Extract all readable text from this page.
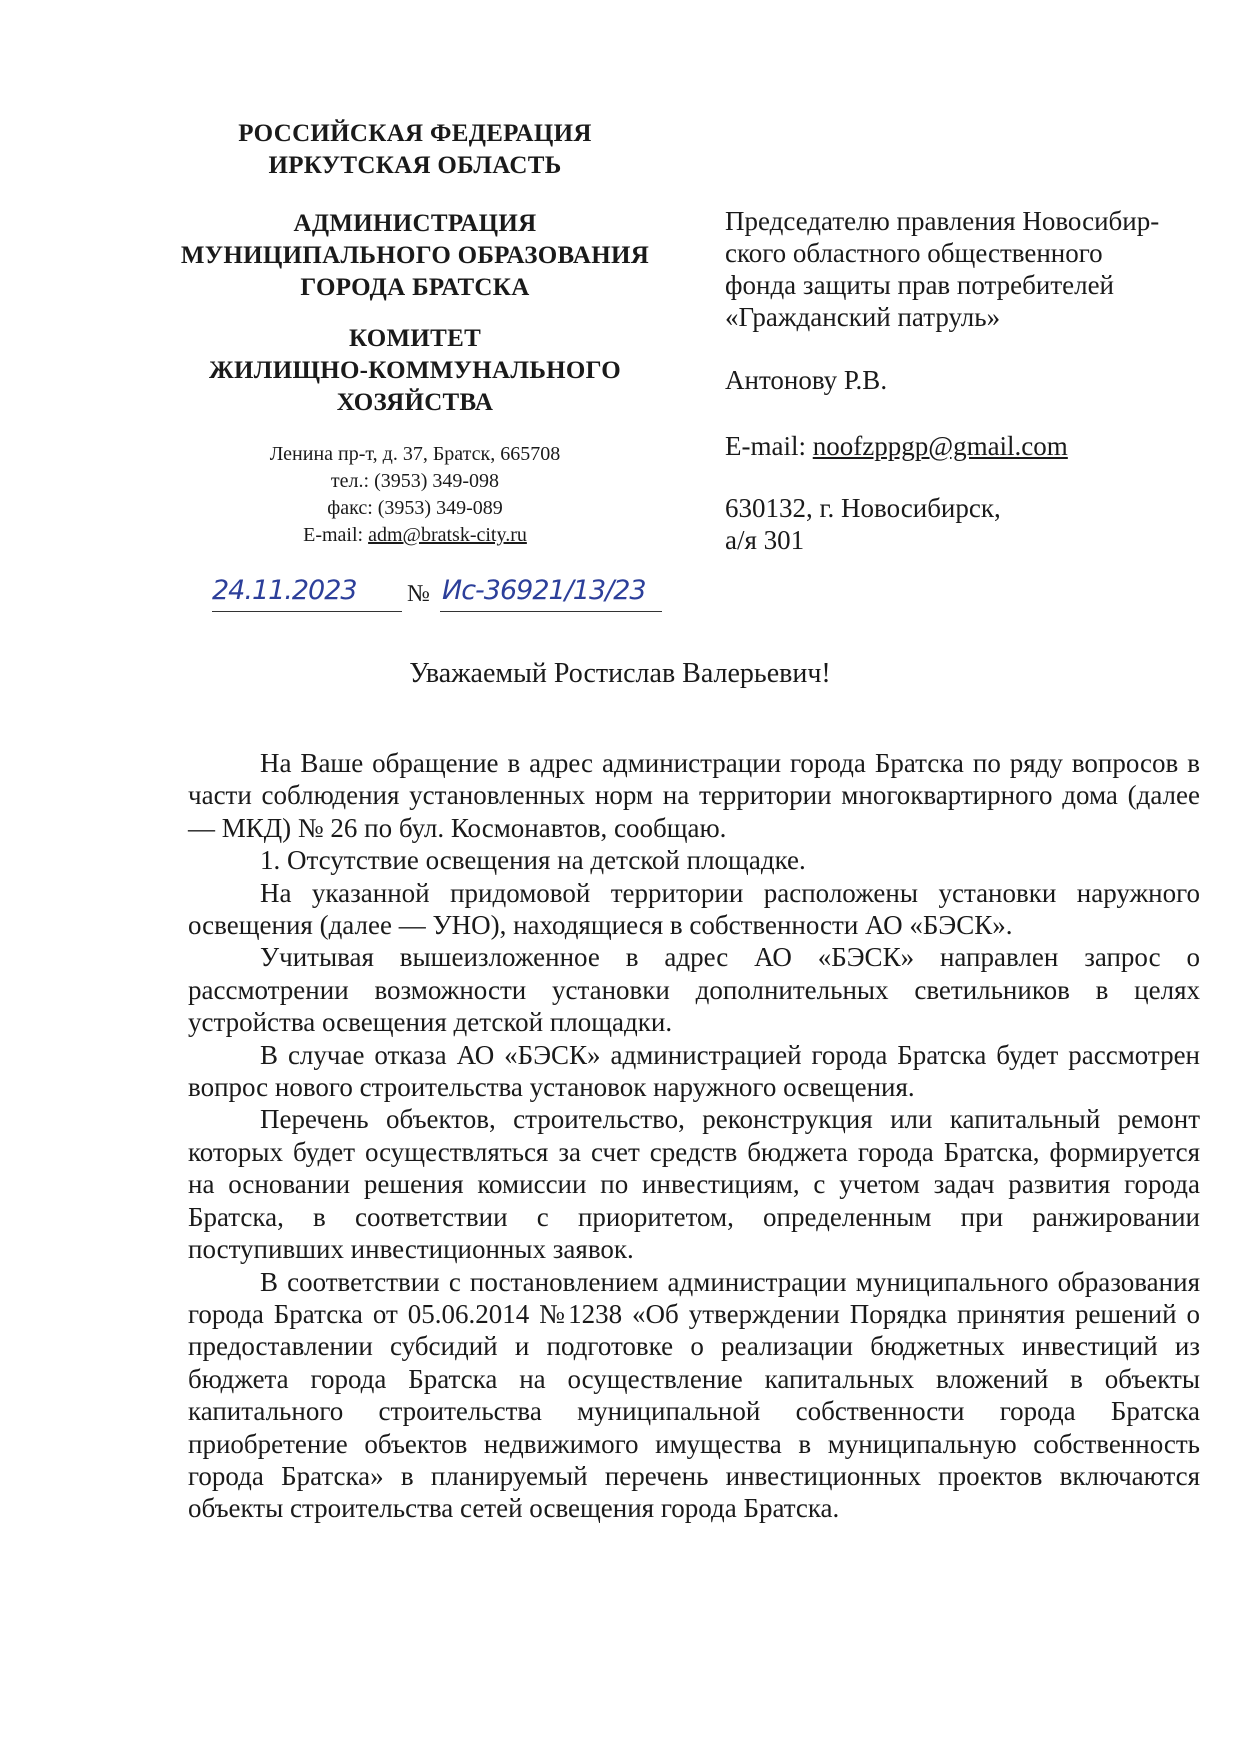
РОССИЙСКАЯ ФЕДЕРАЦИЯ
ИРКУТСКАЯ ОБЛАСТЬ
АДМИНИСТРАЦИЯ
МУНИЦИПАЛЬНОГО ОБРАЗОВАНИЯ
ГОРОДА БРАТСКА
КОМИТЕТ
ЖИЛИЩНО-КОММУНАЛЬНОГО
ХОЗЯЙСТВА
Ленина пр-т, д. 37, Братск, 665708
тел.: (3953) 349-098
факс: (3953) 349-089
E-mail: adm@bratsk-city.ru
24.11.2023 № Ис-36921/13/23
Председателю правления Новосибир-
ского областного общественного
фонда защиты прав потребителей
«Гражданский патруль»
Антонову Р.В.
E-mail: noofzppgp@gmail.com
630132, г. Новосибирск,
а/я 301
Уважаемый Ростислав Валерьевич!

На Ваше обращение в адрес администрации города Братска по ряду вопросов в части соблюдения установленных норм на территории многоквартирного дома (далее — МКД) № 26 по бул. Космонавтов, сообщаю.

1. Отсутствие освещения на детской площадке.

На указанной придомовой территории расположены установки наружного освещения (далее — УНО), находящиеся в собственности АО «БЭСК».

Учитывая вышеизложенное в адрес АО «БЭСК» направлен запрос о рассмотрении возможности установки дополнительных светильников в целях устройства освещения детской площадки.

В случае отказа АО «БЭСК» администрацией города Братска будет рассмотрен вопрос нового строительства установок наружного освещения.

Перечень объектов, строительство, реконструкция или капитальный ремонт которых будет осуществляться за счет средств бюджета города Братска, формируется на основании решения комиссии по инвестициям, с учетом задач развития города Братска, в соответствии с приоритетом, определенным при ранжировании поступивших инвестиционных заявок.

В соответствии с постановлением администрации муниципального образования города Братска от 05.06.2014 №1238 «Об утверждении Порядка принятия решений о предоставлении субсидий и подготовке о реализации бюджетных инвестиций из бюджета города Братска на осуществление капитальных вложений в объекты капитального строительства муниципальной собственности города Братска приобретение объектов недвижимого имущества в муниципальную собственность города Братска» в планируемый перечень инвестиционных проектов включаются объекты строительства сетей освещения города Братска.
